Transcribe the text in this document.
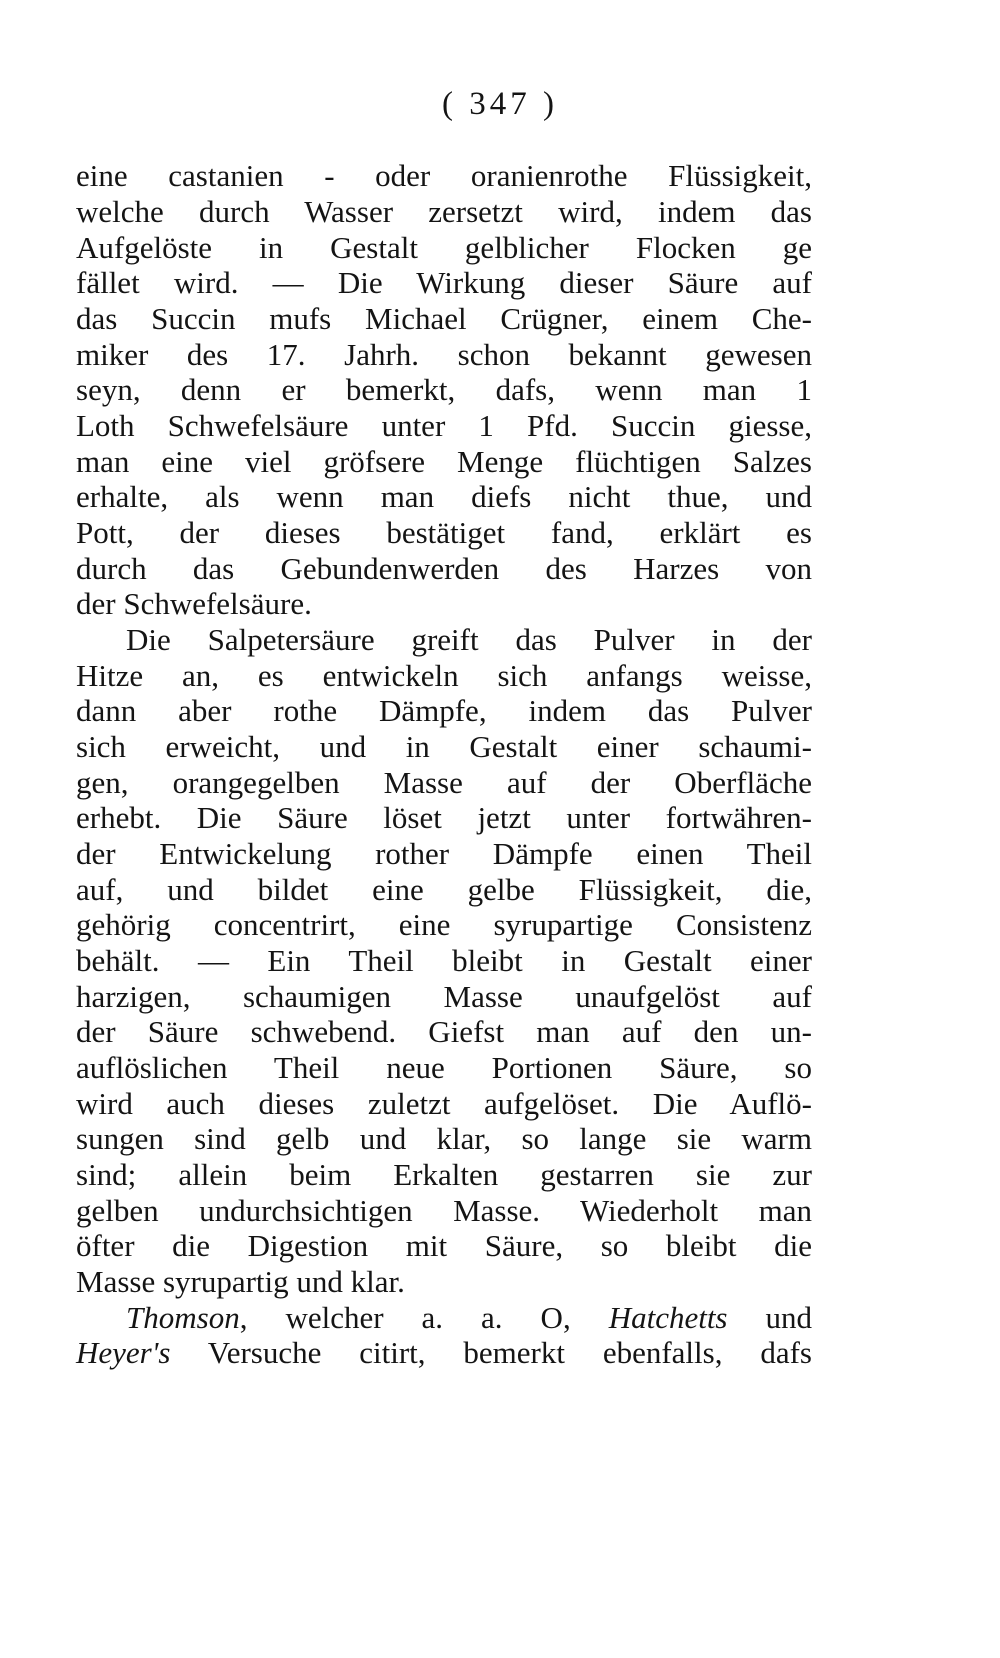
( 347 )
eine castanien - oder oranienrothe Flüssigkeit,
welche durch Wasser zersetzt wird, indem das
Aufgelöste in Gestalt gelblicher Flocken ge
fället wird. — Die Wirkung dieser Säure auf
das Succin mufs Michael Crügner, einem Che-
miker des 17. Jahrh. schon bekannt gewesen
seyn, denn er bemerkt, dafs, wenn man 1
Loth Schwefelsäure unter 1 Pfd. Succin giesse,
man eine viel gröfsere Menge flüchtigen Salzes
erhalte, als wenn man diefs nicht thue, und
Pott, der dieses bestätiget fand, erklärt es
durch das Gebundenwerden des Harzes von
der Schwefelsäure.
Die Salpetersäure greift das Pulver in der
Hitze an, es entwickeln sich anfangs weisse,
dann aber rothe Dämpfe, indem das Pulver
sich erweicht, und in Gestalt einer schaumi-
gen, orangegelben Masse auf der Oberfläche
erhebt. Die Säure löset jetzt unter fortwähren-
der Entwickelung rother Dämpfe einen Theil
auf, und bildet eine gelbe Flüssigkeit, die,
gehörig concentrirt, eine syrupartige Consistenz
behält. — Ein Theil bleibt in Gestalt einer
harzigen, schaumigen Masse unaufgelöst auf
der Säure schwebend. Giefst man auf den un-
auflöslichen Theil neue Portionen Säure, so
wird auch dieses zuletzt aufgelöset. Die Auflö-
sungen sind gelb und klar, so lange sie warm
sind; allein beim Erkalten gestarren sie zur
gelben undurchsichtigen Masse. Wiederholt man
öfter die Digestion mit Säure, so bleibt die
Masse syrupartig und klar.
Thomson, welcher a. a. O, Hatchetts und
Heyer's Versuche citirt, bemerkt ebenfalls, dafs
